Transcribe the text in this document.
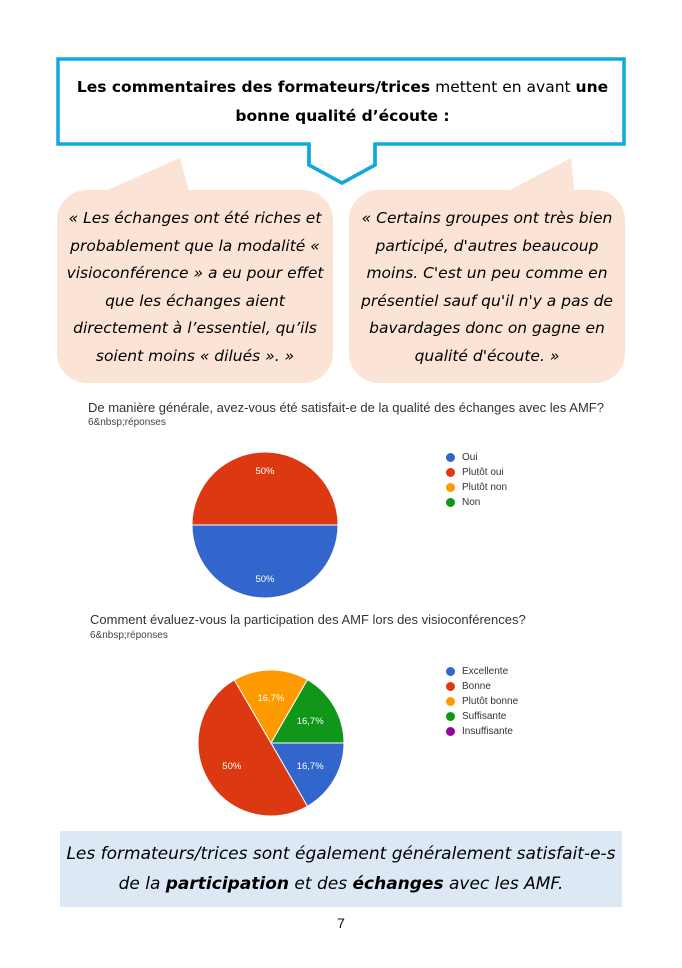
Les commentaires des formateurs/trices mettent en avant une bonne qualité d’écoute :
« Les échanges ont été riches et
probablement que la modalité «
visioconférence » a eu pour effet
que les échanges aient
directement à l’essentiel, qu’ils
soient moins « dilués ». »
« Certains groupes ont très bien
participé, d'autres beaucoup
moins. C'est un peu comme en
présentiel sauf qu'il n'y a pas de
bavardages donc on gagne en
qualité d'écoute. »
De manière générale, avez-vous été satisfait-e de la qualité des échanges avec les AMF?
6&nbsp;réponses
50%
50%
Oui
Plutôt oui
Plutôt non
Non
Comment évaluez-vous la participation des AMF lors des visioconférences?
6&nbsp;réponses
16,7%
50%
16,7%
16,7%
Excellente
Bonne
Plutôt bonne
Suffisante
Insuffisante
Les formateurs/trices sont également généralement satisfait-e-s
de la participation et des échanges avec les AMF.
7
